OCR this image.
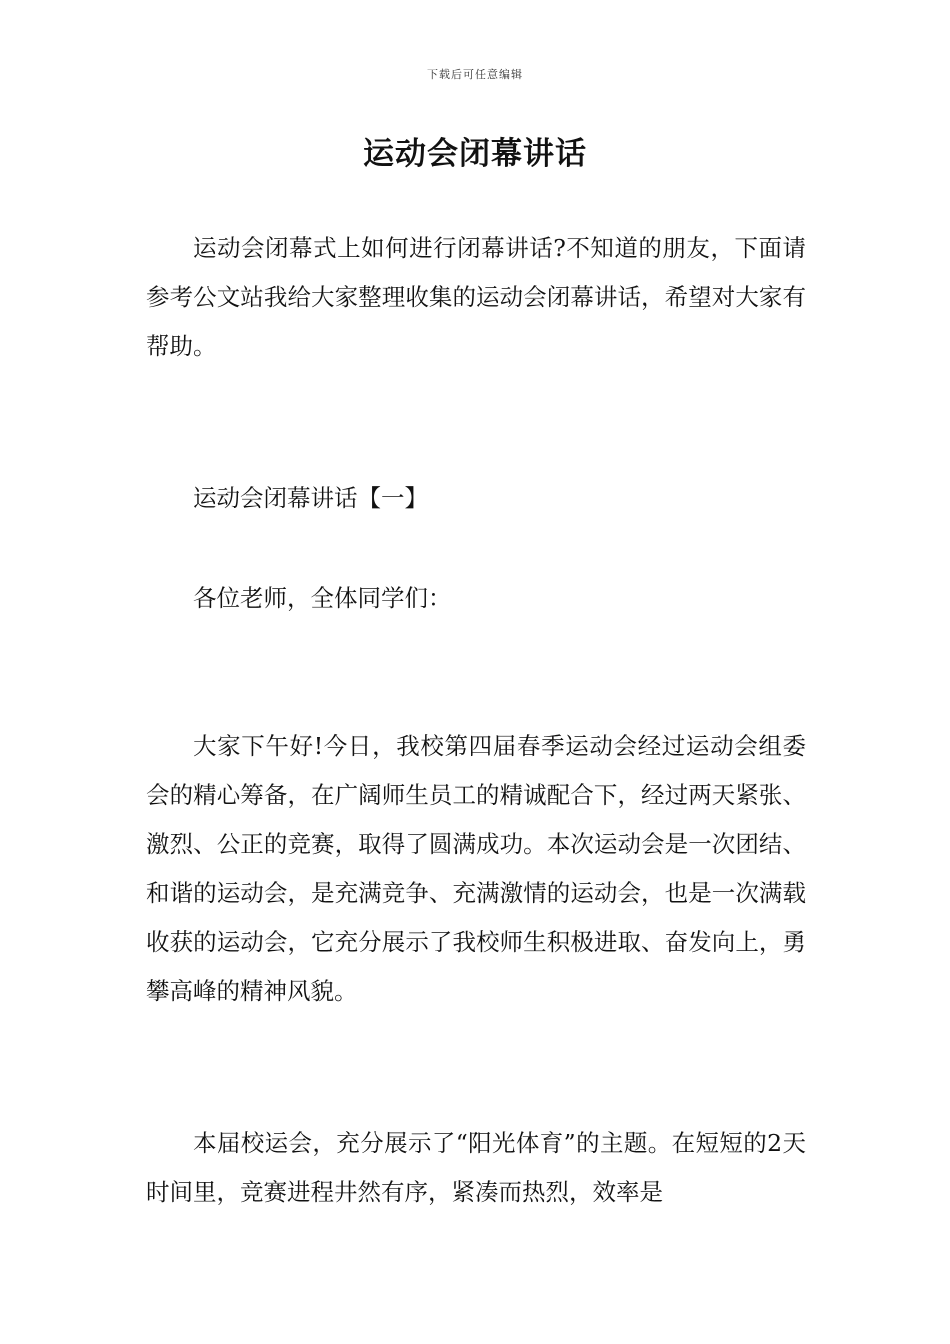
下载后可任意编辑
运动会闭幕讲话

运动会闭幕式上如何进行闭幕讲话?不知道的朋友，下面请参考公文站我给大家整理收集的运动会闭幕讲话，希望对大家有帮助。

运动会闭幕讲话【一】

各位老师，全体同学们：

大家下午好!今日，我校第四届春季运动会经过运动会组委会的精心筹备，在广阔师生员工的精诚配合下，经过两天紧张、激烈、公正的竞赛，取得了圆满成功。本次运动会是一次团结、和谐的运动会，是充满竞争、充满激情的运动会，也是一次满载收获的运动会，它充分展示了我校师生积极进取、奋发向上，勇攀高峰的精神风貌。

本届校运会，充分展示了“阳光体育”的主题。在短短的2天时间里，竞赛进程井然有序，紧凑而热烈，效率是
